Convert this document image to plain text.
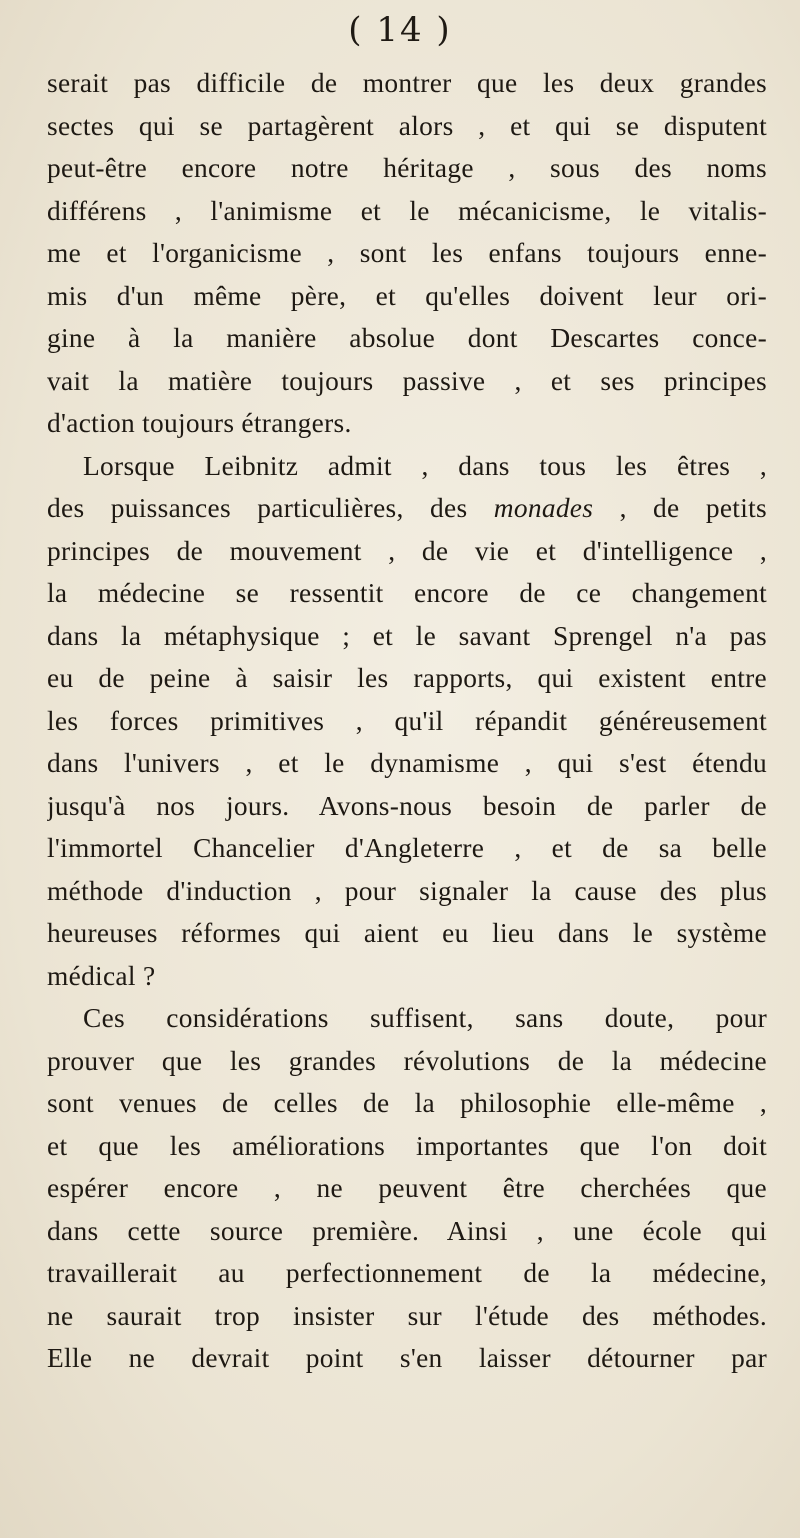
( 14 )
serait pas difficile de montrer que les deux grandes
sectes qui se partagèrent alors , et qui se disputent
peut-être encore notre héritage , sous des noms
différens , l'animisme et le mécanicisme, le vitalis-
me et l'organicisme , sont les enfans toujours enne-
mis d'un même père, et qu'elles doivent leur ori-
gine à la manière absolue dont Descartes conce-
vait la matière toujours passive , et ses principes
d'action toujours étrangers.
Lorsque Leibnitz admit , dans tous les êtres ,
des puissances particulières, des monades , de petits
principes de mouvement , de vie et d'intelligence ,
la médecine se ressentit encore de ce changement
dans la métaphysique ; et le savant Sprengel n'a pas
eu de peine à saisir les rapports, qui existent entre
les forces primitives , qu'il répandit généreusement
dans l'univers , et le dynamisme , qui s'est étendu
jusqu'à nos jours. Avons-nous besoin de parler de
l'immortel Chancelier d'Angleterre , et de sa belle
méthode d'induction , pour signaler la cause des plus
heureuses réformes qui aient eu lieu dans le système
médical ?
Ces considérations suffisent, sans doute, pour
prouver que les grandes révolutions de la médecine
sont venues de celles de la philosophie elle-même ,
et que les améliorations importantes que l'on doit
espérer encore , ne peuvent être cherchées que
dans cette source première. Ainsi , une école qui
travaillerait au perfectionnement de la médecine,
ne saurait trop insister sur l'étude des méthodes.
Elle ne devrait point s'en laisser détourner par
